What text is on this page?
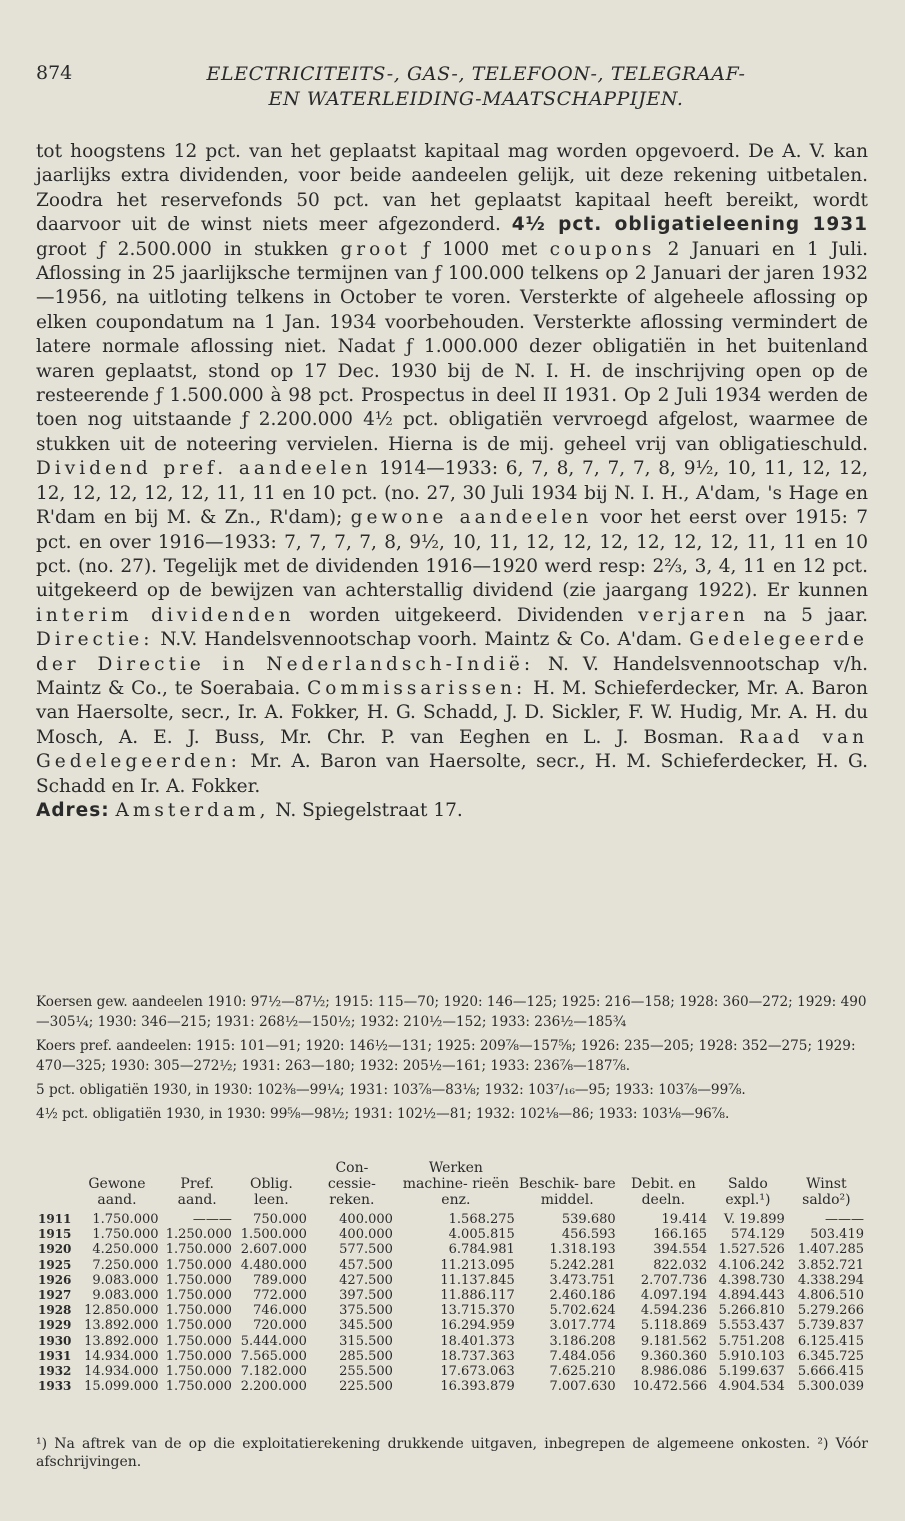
874	ELECTRICITEITS-, GAS-, TELEFOON-, TELEGRAAF-
EN WATERLEIDING-MAATSCHAPPIJEN.

tot hoogstens 12 pct. van het geplaatst kapitaal mag worden opgevoerd. De A. V. kan jaarlijks extra dividenden, voor beide aandeelen gelijk, uit deze rekening uitbetalen. Zoodra het reservefonds 50 pct. van het geplaatst kapitaal heeft bereikt, wordt daarvoor uit de winst niets meer afgezonderd. 4½ pct. obligatieleening 1931 groot ƒ 2.500.000 in stukken groot ƒ 1000 met coupons 2 Januari en 1 Juli. Aflossing in 25 jaarlijksche termijnen van ƒ 100.000 telkens op 2 Januari der jaren 1932—1956, na uitloting telkens in October te voren. Versterkte of algeheele aflossing op elken coupondatum na 1 Jan. 1934 voorbehouden. Versterkte aflossing vermindert de latere normale aflossing niet. Nadat ƒ 1.000.000 dezer obligatiën in het buitenland waren geplaatst, stond op 17 Dec. 1930 bij de N. I. H. de inschrijving open op de resteerende ƒ 1.500.000 à 98 pct. Prospectus in deel II 1931. Op 2 Juli 1934 werden de toen nog uitstaande ƒ 2.200.000 4½ pct. obligatiën vervroegd afgelost, waarmee de stukken uit de noteering vervielen. Hierna is de mij. geheel vrij van obligatieschuld. Dividend pref. aandeelen 1914—1933: 6, 7, 8, 7, 7, 7, 8, 9½, 10, 11, 12, 12, 12, 12, 12, 12, 12, 11, 11 en 10 pct. (no. 27, 30 Juli 1934 bij N. I. H., A'dam, 's Hage en R'dam en bij M. & Zn., R'dam); gewone aandeelen voor het eerst over 1915: 7 pct. en over 1916—1933: 7, 7, 7, 7, 8, 9½, 10, 11, 12, 12, 12, 12, 12, 12, 11, 11 en 10 pct. (no. 27). Tegelijk met de dividenden 1916—1920 werd resp: 2⅔, 3, 4, 11 en 12 pct. uitgekeerd op de bewijzen van achterstallig dividend (zie jaargang 1922). Er kunnen interim dividenden worden uitgekeerd. Dividenden verjaren na 5 jaar. Directie: N.V. Handelsvennootschap voorh. Maintz & Co. A'dam. Gedelegeerde der Directie in Nederlandsch-Indië: N. V. Handelsvennootschap v/h. Maintz & Co., te Soerabaia. Commissarissen: H. M. Schieferdecker, Mr. A. Baron van Haersolte, secr., Ir. A. Fokker, H. G. Schadd, J. D. Sickler, F. W. Hudig, Mr. A. H. du Mosch, A. E. J. Buss, Mr. Chr. P. van Eeghen en L. J. Bosman. Raad van Gedelegeerden: Mr. A. Baron van Haersolte, secr., H. M. Schieferdecker, H. G. Schadd en Ir. A. Fokker.

Adres: Amsterdam, N. Spiegelstraat 17.

Koersen gew. aandeelen 1910: 97½—87½; 1915: 115—70; 1920: 146—125; 1925: 216—158; 1928: 360—272; 1929: 490—305¼; 1930: 346—215; 1931: 268½—150½; 1932: 210½—152; 1933: 236½—185¾

Koers pref. aandeelen: 1915: 101—91; 1920: 146½—131; 1925: 209⅞—157⅝; 1926: 235—205; 1928: 352—275; 1929: 470—325; 1930: 305—272½; 1931: 263—180; 1932: 205½—161; 1933: 236⅞—187⅞.

5 pct. obligatiën 1930, in 1930: 102⅜—99¼; 1931: 103⅞—83⅛; 1932: 103⁷/₁₆—95; 1933: 103⅞—99⅞.

4½ pct. obligatiën 1930, in 1930: 99⅝—98½; 1931: 102½—81; 1932: 102⅛—86; 1933: 103⅛—96⅞.

	Gewone aand.	Pref. aand.	Oblig. leen.	Con- cessie- reken.	Werken machine- rieën enz.	Beschik- bare middel.	Debit. en deeln.	Saldo expl.¹)	Winst saldo²)
1911	1.750.000	———	750.000	400.000	1.568.275	539.680	19.414	V. 19.899	———
1915	1.750.000	1.250.000	1.500.000	400.000	4.005.815	456.593	166.165	574.129	503.419
1920	4.250.000	1.750.000	2.607.000	577.500	6.784.981	1.318.193	394.554	1.527.526	1.407.285
1925	7.250.000	1.750.000	4.480.000	457.500	11.213.095	5.242.281	822.032	4.106.242	3.852.721
1926	9.083.000	1.750.000	789.000	427.500	11.137.845	3.473.751	2.707.736	4.398.730	4.338.294
1927	9.083.000	1.750.000	772.000	397.500	11.886.117	2.460.186	4.097.194	4.894.443	4.806.510
1928	12.850.000	1.750.000	746.000	375.500	13.715.370	5.702.624	4.594.236	5.266.810	5.279.266
1929	13.892.000	1.750.000	720.000	345.500	16.294.959	3.017.774	5.118.869	5.553.437	5.739.837
1930	13.892.000	1.750.000	5.444.000	315.500	18.401.373	3.186.208	9.181.562	5.751.208	6.125.415
1931	14.934.000	1.750.000	7.565.000	285.500	18.737.363	7.484.056	9.360.360	5.910.103	6.345.725
1932	14.934.000	1.750.000	7.182.000	255.500	17.673.063	7.625.210	8.986.086	5.199.637	5.666.415
1933	15.099.000	1.750.000	2.200.000	225.500	16.393.879	7.007.630	10.472.566	4.904.534	5.300.039
¹) Na aftrek van de op die exploitatierekening drukkende uitgaven, inbegrepen de algemeene onkosten. ²) Vóór afschrijvingen.
